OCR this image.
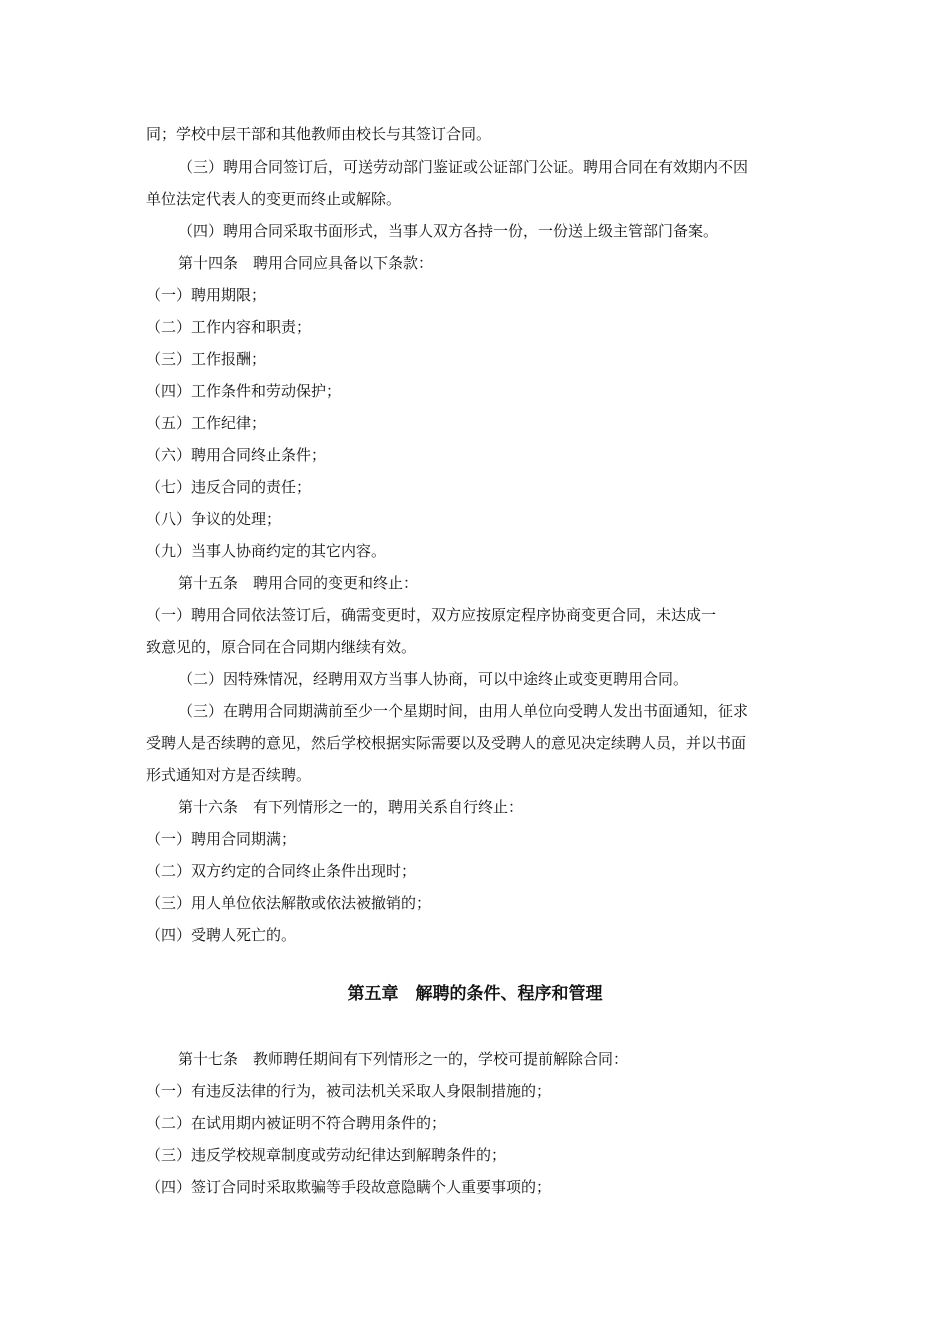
同；学校中层干部和其他教师由校长与其签订合同。
（三）聘用合同签订后，可送劳动部门鉴证或公证部门公证。聘用合同在有效期内不因
单位法定代表人的变更而终止或解除。
（四）聘用合同采取书面形式，当事人双方各持一份，一份送上级主管部门备案。
第十四条　聘用合同应具备以下条款：
（一）聘用期限；
（二）工作内容和职责；
（三）工作报酬；
（四）工作条件和劳动保护；
（五）工作纪律；
（六）聘用合同终止条件；
（七）违反合同的责任；
（八）争议的处理；
（九）当事人协商约定的其它内容。
第十五条　聘用合同的变更和终止：
（一）聘用合同依法签订后，确需变更时，双方应按原定程序协商变更合同，未达成一
致意见的，原合同在合同期内继续有效。
（二）因特殊情况，经聘用双方当事人协商，可以中途终止或变更聘用合同。
（三）在聘用合同期满前至少一个星期时间，由用人单位向受聘人发出书面通知，征求
受聘人是否续聘的意见，然后学校根据实际需要以及受聘人的意见决定续聘人员，并以书面
形式通知对方是否续聘。
第十六条　有下列情形之一的，聘用关系自行终止：
（一）聘用合同期满；
（二）双方约定的合同终止条件出现时；
（三）用人单位依法解散或依法被撤销的；
（四）受聘人死亡的。
第五章　解聘的条件、程序和管理
第十七条　教师聘任期间有下列情形之一的，学校可提前解除合同：
（一）有违反法律的行为，被司法机关采取人身限制措施的；
（二）在试用期内被证明不符合聘用条件的；
（三）违反学校规章制度或劳动纪律达到解聘条件的；
（四）签订合同时采取欺骗等手段故意隐瞒个人重要事项的；
